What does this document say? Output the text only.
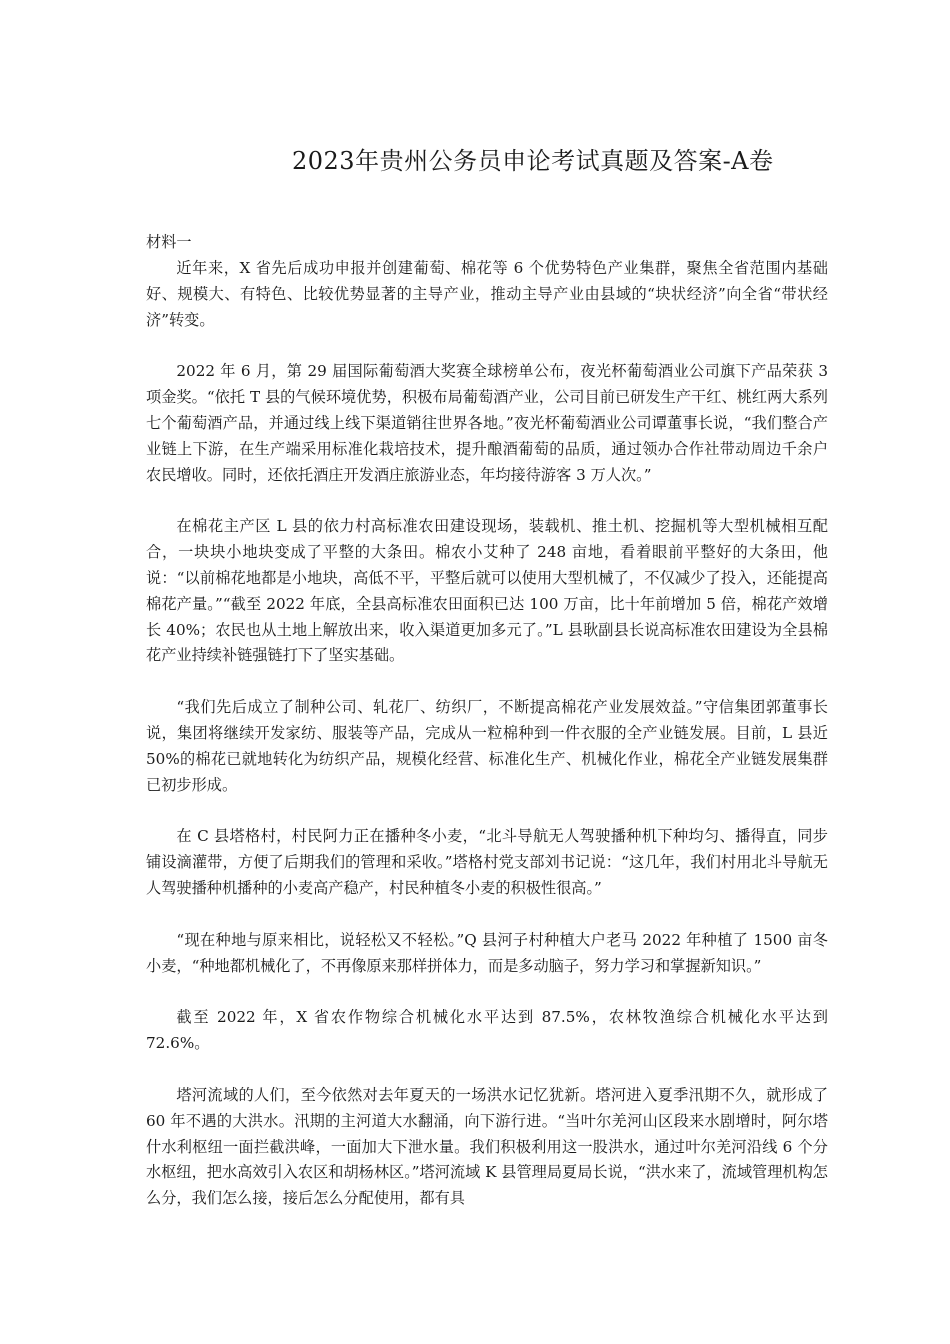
2023年贵州公务员申论考试真题及答案-A卷

材料一

近年来，X 省先后成功申报并创建葡萄、棉花等 6 个优势特色产业集群，聚焦全省范围内基础好、规模大、有特色、比较优势显著的主导产业，推动主导产业由县域的“块状经济”向全省“带状经济”转变。

2022 年 6 月，第 29 届国际葡萄酒大奖赛全球榜单公布，夜光杯葡萄酒业公司旗下产品荣获 3 项金奖。“依托 T 县的气候环境优势，积极布局葡萄酒产业，公司目前已研发生产干红、桃红两大系列七个葡萄酒产品，并通过线上线下渠道销往世界各地。”夜光杯葡萄酒业公司谭董事长说，“我们整合产业链上下游，在生产端采用标准化栽培技术，提升酿酒葡萄的品质，通过领办合作社带动周边千余户农民增收。同时，还依托酒庄开发酒庄旅游业态，年均接待游客 3 万人次。”

在棉花主产区 L 县的依力村高标准农田建设现场，装载机、推土机、挖掘机等大型机械相互配合，一块块小地块变成了平整的大条田。棉农小艾种了 248 亩地，看着眼前平整好的大条田，他说：“以前棉花地都是小地块，高低不平，平整后就可以使用大型机械了，不仅减少了投入，还能提高棉花产量。”“截至 2022 年底，全县高标准农田面积已达 100 万亩，比十年前增加 5 倍，棉花产效增长 40%；农民也从土地上解放出来，收入渠道更加多元了。”L 县耿副县长说高标准农田建设为全县棉花产业持续补链强链打下了坚实基础。

“我们先后成立了制种公司、轧花厂、纺织厂，不断提高棉花产业发展效益。”守信集团郭董事长说，集团将继续开发家纺、服装等产品，完成从一粒棉种到一件衣服的全产业链发展。目前，L 县近 50%的棉花已就地转化为纺织产品，规模化经营、标准化生产、机械化作业，棉花全产业链发展集群已初步形成。

在 C 县塔格村，村民阿力正在播种冬小麦，“北斗导航无人驾驶播种机下种均匀、播得直，同步铺设滴灌带，方便了后期我们的管理和采收。”塔格村党支部刘书记说：“这几年，我们村用北斗导航无人驾驶播种机播种的小麦高产稳产，村民种植冬小麦的积极性很高。”

“现在种地与原来相比，说轻松又不轻松。”Q 县河子村种植大户老马 2022 年种植了 1500 亩冬小麦，“种地都机械化了，不再像原来那样拼体力，而是多动脑子，努力学习和掌握新知识。”

截至 2022 年，X 省农作物综合机械化水平达到 87.5%，农林牧渔综合机械化水平达到 72.6%。

塔河流域的人们，至今依然对去年夏天的一场洪水记忆犹新。塔河进入夏季汛期不久，就形成了 60 年不遇的大洪水。汛期的主河道大水翻涌，向下游行进。“当叶尔羌河山区段来水剧增时，阿尔塔什水利枢纽一面拦截洪峰，一面加大下泄水量。我们积极利用这一股洪水，通过叶尔羌河沿线 6 个分水枢纽，把水高效引入农区和胡杨林区。”塔河流域 K 县管理局夏局长说，“洪水来了，流域管理机构怎么分，我们怎么接，接后怎么分配使用，都有具
